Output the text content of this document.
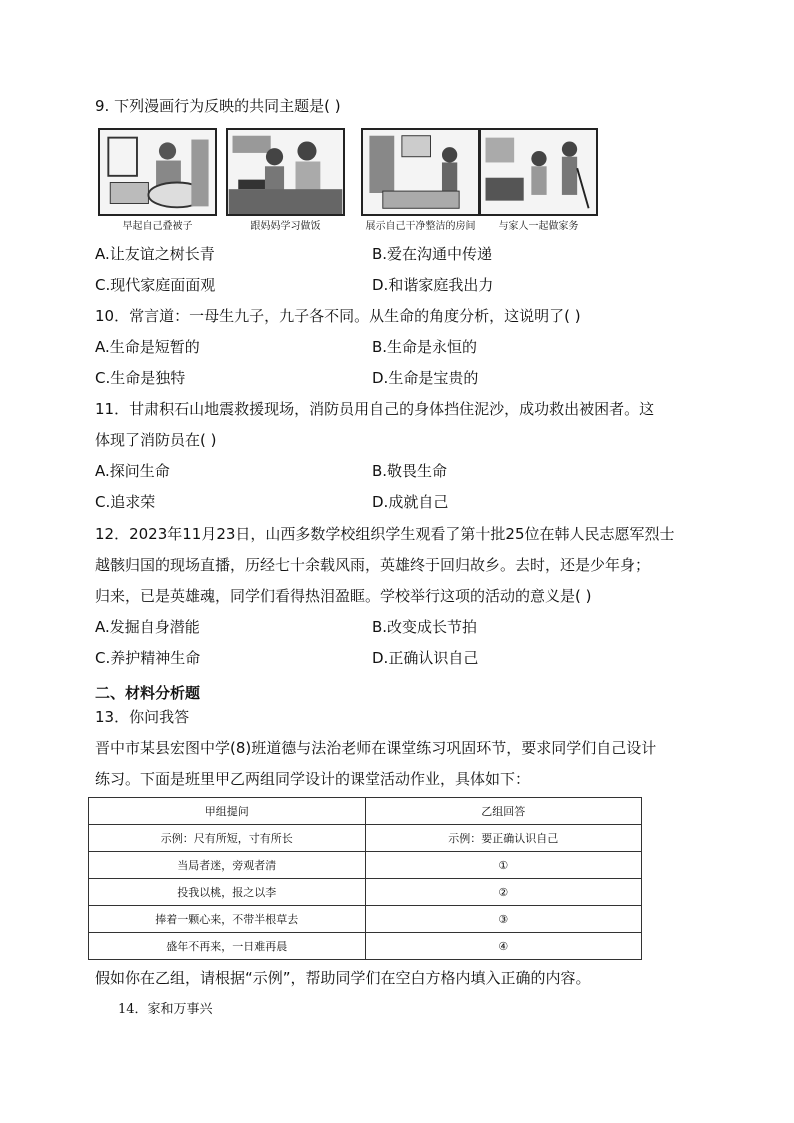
9. 下列漫画行为反映的共同主题是( )
早起自己叠被子	跟妈妈学习做饭	展示自己干净整洁的房间	与家人一起做家务
A.让友谊之树长青	B.爱在沟通中传递
C.现代家庭面面观	D.和谐家庭我出力
10．常言道：一母生九子，九子各不同。从生命的角度分析，这说明了( )
A.生命是短暂的	B.生命是永恒的
C.生命是独特	D.生命是宝贵的
11．甘肃积石山地震救援现场，消防员用自己的身体挡住泥沙，成功救出被困者。这
体现了消防员在( )
A.探问生命	B.敬畏生命
C.追求荣	D.成就自己
12．2023年11月23日，山西多数学校组织学生观看了第十批25位在韩人民志愿军烈士
越骸归国的现场直播，历经七十余载风雨，英雄终于回归故乡。去时，还是少年身；
归来，已是英雄魂，同学们看得热泪盈眶。学校举行这项的活动的意义是( )
A.发掘自身潜能	B.改变成长节拍
C.养护精神生命	D.正确认识自己
二、材料分析题
13．你问我答
晋中市某县宏图中学(8)班道德与法治老师在课堂练习巩固环节，要求同学们自己设计
练习。下面是班里甲乙两组同学设计的课堂活动作业，具体如下：
甲组提问	乙组回答
示例：尺有所短，寸有所长	示例：要正确认识自己
当局者迷，旁观者清	①
投我以桃，报之以李	②
捧着一颗心来，不带半根草去	③
盛年不再来，一日难再晨	④
假如你在乙组，请根据“示例”，帮助同学们在空白方格内填入正确的内容。
14．家和万事兴
